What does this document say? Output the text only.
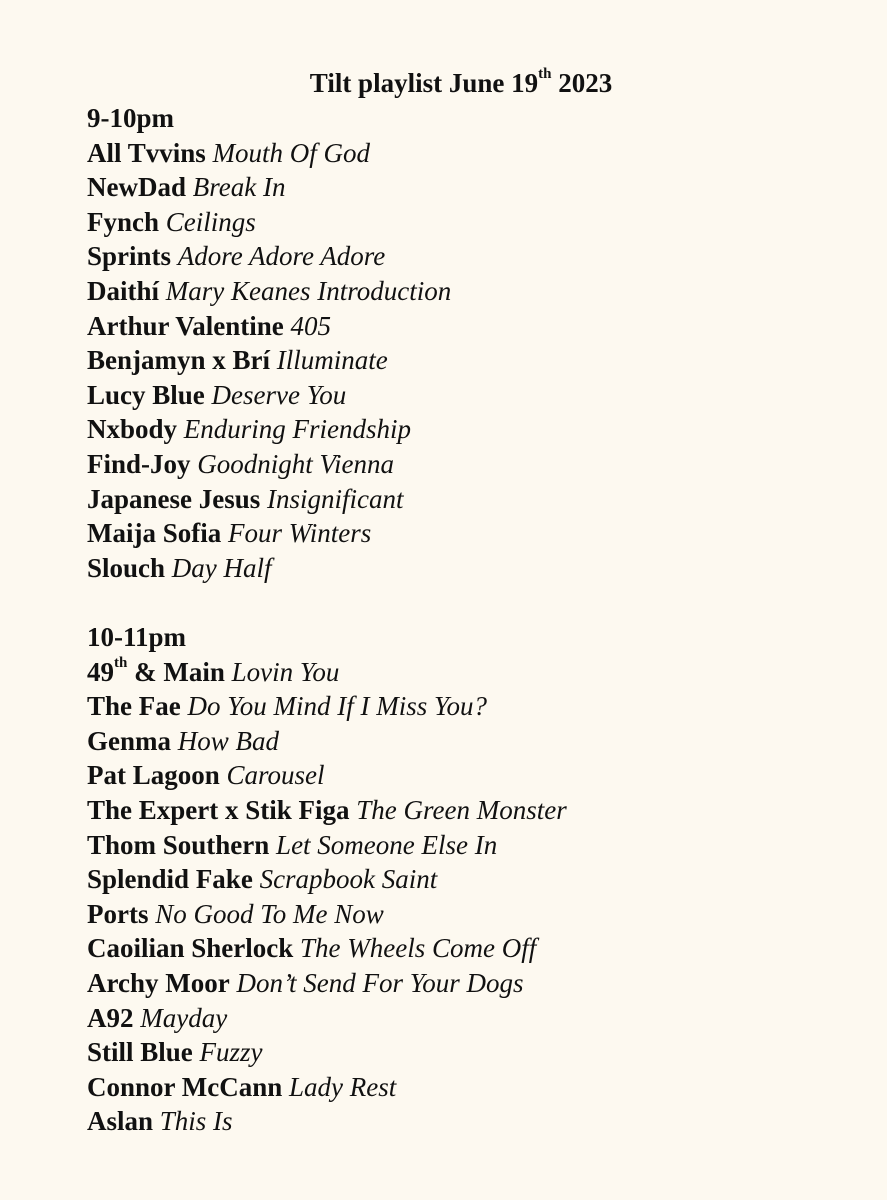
Tilt playlist June 19th 2023
9-10pm
All Tvvins Mouth Of God
NewDad Break In
Fynch Ceilings
Sprints Adore Adore Adore
Daithí Mary Keanes Introduction
Arthur Valentine 405
Benjamyn x Brí Illuminate
Lucy Blue Deserve You
Nxbody Enduring Friendship
Find-Joy Goodnight Vienna
Japanese Jesus Insignificant
Maija Sofia Four Winters
Slouch Day Half
10-11pm
49th & Main Lovin You
The Fae Do You Mind If I Miss You?
Genma How Bad
Pat Lagoon Carousel
The Expert x Stik Figa The Green Monster
Thom Southern Let Someone Else In
Splendid Fake Scrapbook Saint
Ports No Good To Me Now
Caoilian Sherlock The Wheels Come Off
Archy Moor Don’t Send For Your Dogs
A92 Mayday
Still Blue Fuzzy
Connor McCann Lady Rest
Aslan This Is
